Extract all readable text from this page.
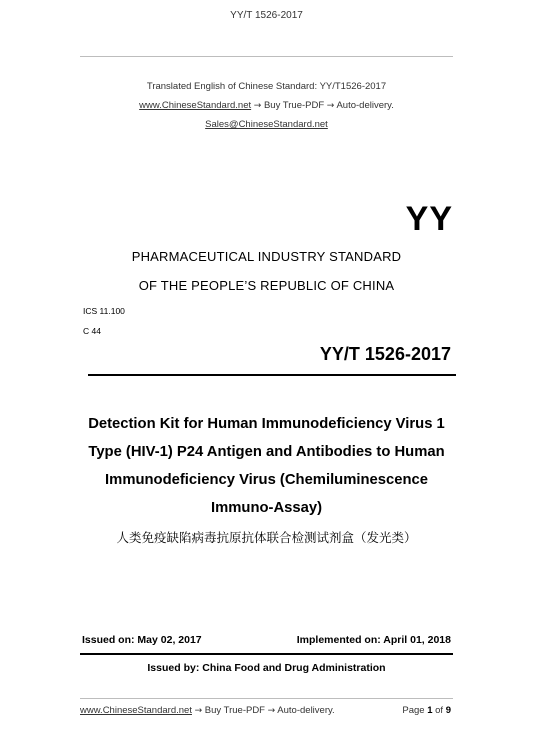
YY/T 1526-2017
Translated English of Chinese Standard: YY/T1526-2017
www.ChineseStandard.net → Buy True-PDF → Auto-delivery.
Sales@ChineseStandard.net
YY
PHARMACEUTICAL INDUSTRY STANDARD
OF THE PEOPLE’S REPUBLIC OF CHINA
ICS 11.100
C 44
YY/T 1526-2017
Detection Kit for Human Immunodeficiency Virus 1
Type (HIV-1) P24 Antigen and Antibodies to Human
Immunodeficiency Virus (Chemiluminescence
Immuno-Assay)
人类免疫缺陷病毒抗原抗体联合检测试剂盒（发光类）
Issued on: May 02, 2017	Implemented on: April 01, 2018
Issued by: China Food and Drug Administration
www.ChineseStandard.net → Buy True-PDF → Auto-delivery.	Page 1 of 9
